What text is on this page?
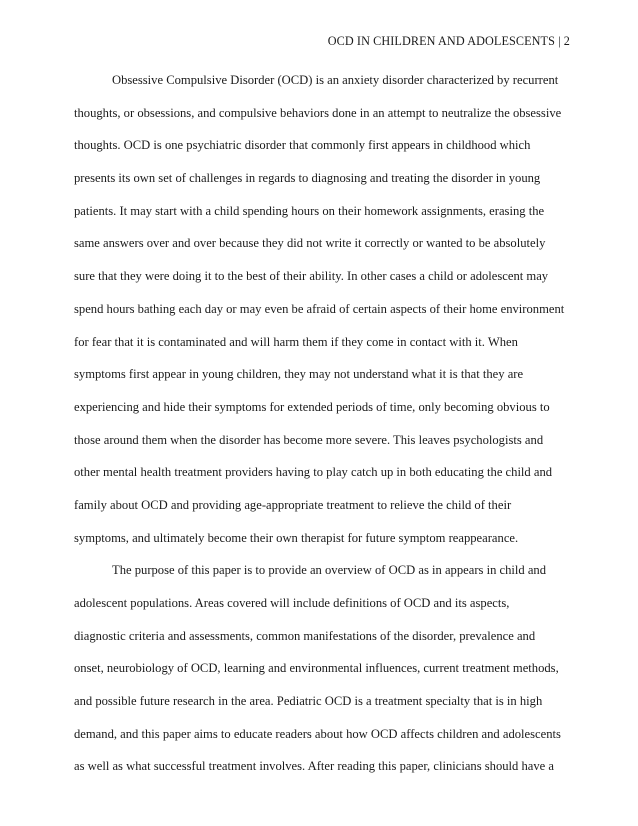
OCD IN CHILDREN AND ADOLESCENTS | 2
Obsessive Compulsive Disorder (OCD) is an anxiety disorder characterized by recurrent
thoughts, or obsessions, and compulsive behaviors done in an attempt to neutralize the obsessive
thoughts. OCD is one psychiatric disorder that commonly first appears in childhood which
presents its own set of challenges in regards to diagnosing and treating the disorder in young
patients. It may start with a child spending hours on their homework assignments, erasing the
same answers over and over because they did not write it correctly or wanted to be absolutely
sure that they were doing it to the best of their ability. In other cases a child or adolescent may
spend hours bathing each day or may even be afraid of certain aspects of their home environment
for fear that it is contaminated and will harm them if they come in contact with it. When
symptoms first appear in young children, they may not understand what it is that they are
experiencing and hide their symptoms for extended periods of time, only becoming obvious to
those around them when the disorder has become more severe. This leaves psychologists and
other mental health treatment providers having to play catch up in both educating the child and
family about OCD and providing age-appropriate treatment to relieve the child of their
symptoms, and ultimately become their own therapist for future symptom reappearance.
The purpose of this paper is to provide an overview of OCD as in appears in child and
adolescent populations. Areas covered will include definitions of OCD and its aspects,
diagnostic criteria and assessments, common manifestations of the disorder, prevalence and
onset, neurobiology of OCD, learning and environmental influences, current treatment methods,
and possible future research in the area. Pediatric OCD is a treatment specialty that is in high
demand, and this paper aims to educate readers about how OCD affects children and adolescents
as well as what successful treatment involves. After reading this paper, clinicians should have a
